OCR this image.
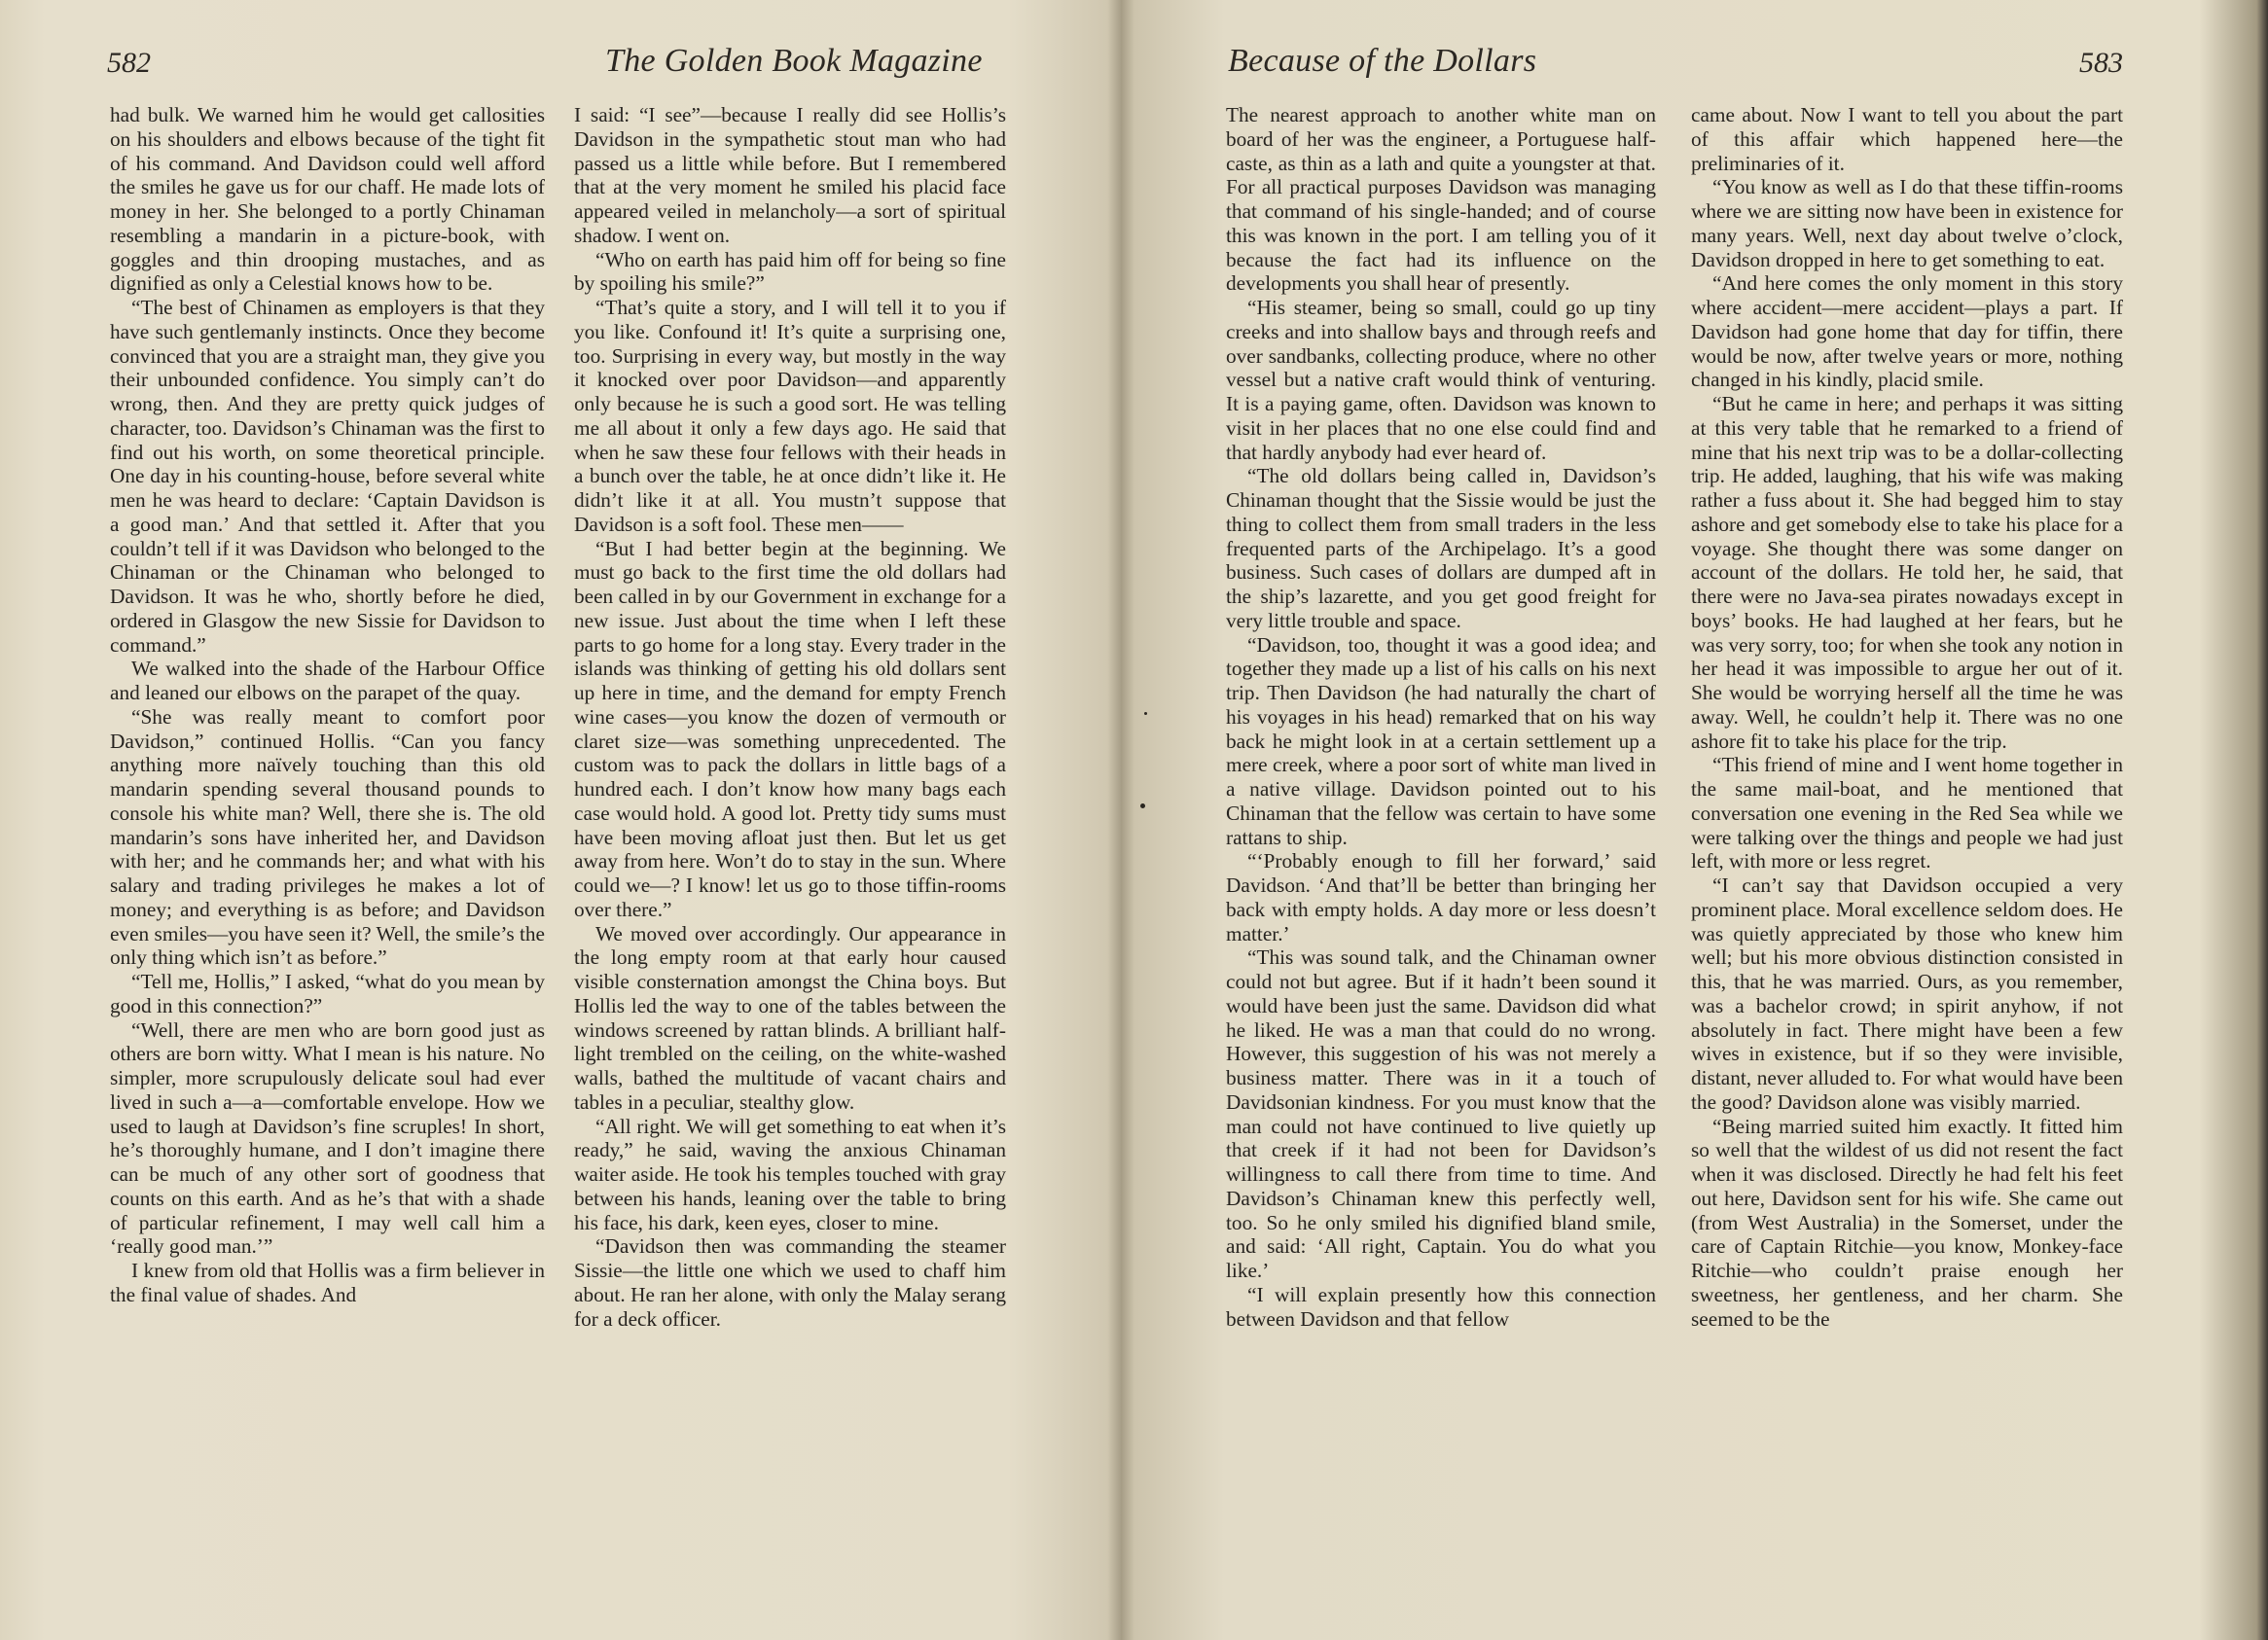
582	The Golden Book Magazine

had bulk. We warned him he would get callosities on his shoulders and elbows because of the tight fit of his command. And Davidson could well afford the smiles he gave us for our chaff. He made lots of money in her. She belonged to a portly Chinaman resembling a mandarin in a picture-book, with goggles and thin drooping mustaches, and as dignified as only a Celestial knows how to be.

“The best of Chinamen as employers is that they have such gentlemanly instincts. Once they become convinced that you are a straight man, they give you their unbounded confidence. You simply can’t do wrong, then. And they are pretty quick judges of character, too. Davidson’s Chinaman was the first to find out his worth, on some theoretical principle. One day in his counting-house, before several white men he was heard to declare: ‘Captain Davidson is a good man.’ And that settled it. After that you couldn’t tell if it was Davidson who belonged to the Chinaman or the Chinaman who belonged to Davidson. It was he who, shortly before he died, ordered in Glasgow the new Sissie for Davidson to command.”

We walked into the shade of the Harbour Office and leaned our elbows on the parapet of the quay.

“She was really meant to comfort poor Davidson,” continued Hollis. “Can you fancy anything more naïvely touching than this old mandarin spending several thousand pounds to console his white man? Well, there she is. The old mandarin’s sons have inherited her, and Davidson with her; and he commands her; and what with his salary and trading privileges he makes a lot of money; and everything is as before; and Davidson even smiles—you have seen it? Well, the smile’s the only thing which isn’t as before.”

“Tell me, Hollis,” I asked, “what do you mean by good in this connection?”

“Well, there are men who are born good just as others are born witty. What I mean is his nature. No simpler, more scrupulously delicate soul had ever lived in such a—a—comfortable envelope. How we used to laugh at Davidson’s fine scruples! In short, he’s thoroughly humane, and I don’t imagine there can be much of any other sort of goodness that counts on this earth. And as he’s that with a shade of particular refinement, I may well call him a ‘really good man.’”

I knew from old that Hollis was a firm believer in the final value of shades. And

I said: “I see”—because I really did see Hollis’s Davidson in the sympathetic stout man who had passed us a little while before. But I remembered that at the very moment he smiled his placid face appeared veiled in melancholy—a sort of spiritual shadow. I went on.

“Who on earth has paid him off for being so fine by spoiling his smile?”

“That’s quite a story, and I will tell it to you if you like. Confound it! It’s quite a surprising one, too. Surprising in every way, but mostly in the way it knocked over poor Davidson—and apparently only because he is such a good sort. He was telling me all about it only a few days ago. He said that when he saw these four fellows with their heads in a bunch over the table, he at once didn’t like it. He didn’t like it at all. You mustn’t suppose that Davidson is a soft fool. These men——

“But I had better begin at the beginning. We must go back to the first time the old dollars had been called in by our Government in exchange for a new issue. Just about the time when I left these parts to go home for a long stay. Every trader in the islands was thinking of getting his old dollars sent up here in time, and the demand for empty French wine cases—you know the dozen of vermouth or claret size—was something unprecedented. The custom was to pack the dollars in little bags of a hundred each. I don’t know how many bags each case would hold. A good lot. Pretty tidy sums must have been moving afloat just then. But let us get away from here. Won’t do to stay in the sun. Where could we—? I know! let us go to those tiffin-rooms over there.”

We moved over accordingly. Our appearance in the long empty room at that early hour caused visible consternation amongst the China boys. But Hollis led the way to one of the tables between the windows screened by rattan blinds. A brilliant half-light trembled on the ceiling, on the white-washed walls, bathed the multitude of vacant chairs and tables in a peculiar, stealthy glow.

“All right. We will get something to eat when it’s ready,” he said, waving the anxious Chinaman waiter aside. He took his temples touched with gray between his hands, leaning over the table to bring his face, his dark, keen eyes, closer to mine.

“Davidson then was commanding the steamer Sissie—the little one which we used to chaff him about. He ran her alone, with only the Malay serang for a deck officer.

Because of the Dollars	583

The nearest approach to another white man on board of her was the engineer, a Portuguese half-caste, as thin as a lath and quite a youngster at that. For all practical purposes Davidson was managing that command of his single-handed; and of course this was known in the port. I am telling you of it because the fact had its influence on the developments you shall hear of presently.

“His steamer, being so small, could go up tiny creeks and into shallow bays and through reefs and over sandbanks, collecting produce, where no other vessel but a native craft would think of venturing. It is a paying game, often. Davidson was known to visit in her places that no one else could find and that hardly anybody had ever heard of.

“The old dollars being called in, Davidson’s Chinaman thought that the Sissie would be just the thing to collect them from small traders in the less frequented parts of the Archipelago. It’s a good business. Such cases of dollars are dumped aft in the ship’s lazarette, and you get good freight for very little trouble and space.

“Davidson, too, thought it was a good idea; and together they made up a list of his calls on his next trip. Then Davidson (he had naturally the chart of his voyages in his head) remarked that on his way back he might look in at a certain settlement up a mere creek, where a poor sort of white man lived in a native village. Davidson pointed out to his Chinaman that the fellow was certain to have some rattans to ship.

“‘Probably enough to fill her forward,’ said Davidson. ‘And that’ll be better than bringing her back with empty holds. A day more or less doesn’t matter.’

“This was sound talk, and the Chinaman owner could not but agree. But if it hadn’t been sound it would have been just the same. Davidson did what he liked. He was a man that could do no wrong. However, this suggestion of his was not merely a business matter. There was in it a touch of Davidsonian kindness. For you must know that the man could not have continued to live quietly up that creek if it had not been for Davidson’s willingness to call there from time to time. And Davidson’s Chinaman knew this perfectly well, too. So he only smiled his dignified bland smile, and said: ‘All right, Captain. You do what you like.’

“I will explain presently how this connection between Davidson and that fellow

came about. Now I want to tell you about the part of this affair which happened here—the preliminaries of it.

“You know as well as I do that these tiffin-rooms where we are sitting now have been in existence for many years. Well, next day about twelve o’clock, Davidson dropped in here to get something to eat.

“And here comes the only moment in this story where accident—mere accident—plays a part. If Davidson had gone home that day for tiffin, there would be now, after twelve years or more, nothing changed in his kindly, placid smile.

“But he came in here; and perhaps it was sitting at this very table that he remarked to a friend of mine that his next trip was to be a dollar-collecting trip. He added, laughing, that his wife was making rather a fuss about it. She had begged him to stay ashore and get somebody else to take his place for a voyage. She thought there was some danger on account of the dollars. He told her, he said, that there were no Java-sea pirates nowadays except in boys’ books. He had laughed at her fears, but he was very sorry, too; for when she took any notion in her head it was impossible to argue her out of it. She would be worrying herself all the time he was away. Well, he couldn’t help it. There was no one ashore fit to take his place for the trip.

“This friend of mine and I went home together in the same mail-boat, and he mentioned that conversation one evening in the Red Sea while we were talking over the things and people we had just left, with more or less regret.

“I can’t say that Davidson occupied a very prominent place. Moral excellence seldom does. He was quietly appreciated by those who knew him well; but his more obvious distinction consisted in this, that he was married. Ours, as you remember, was a bachelor crowd; in spirit anyhow, if not absolutely in fact. There might have been a few wives in existence, but if so they were invisible, distant, never alluded to. For what would have been the good? Davidson alone was visibly married.

“Being married suited him exactly. It fitted him so well that the wildest of us did not resent the fact when it was disclosed. Directly he had felt his feet out here, Davidson sent for his wife. She came out (from West Australia) in the Somerset, under the care of Captain Ritchie—you know, Monkey-face Ritchie—who couldn’t praise enough her sweetness, her gentleness, and her charm. She seemed to be the
